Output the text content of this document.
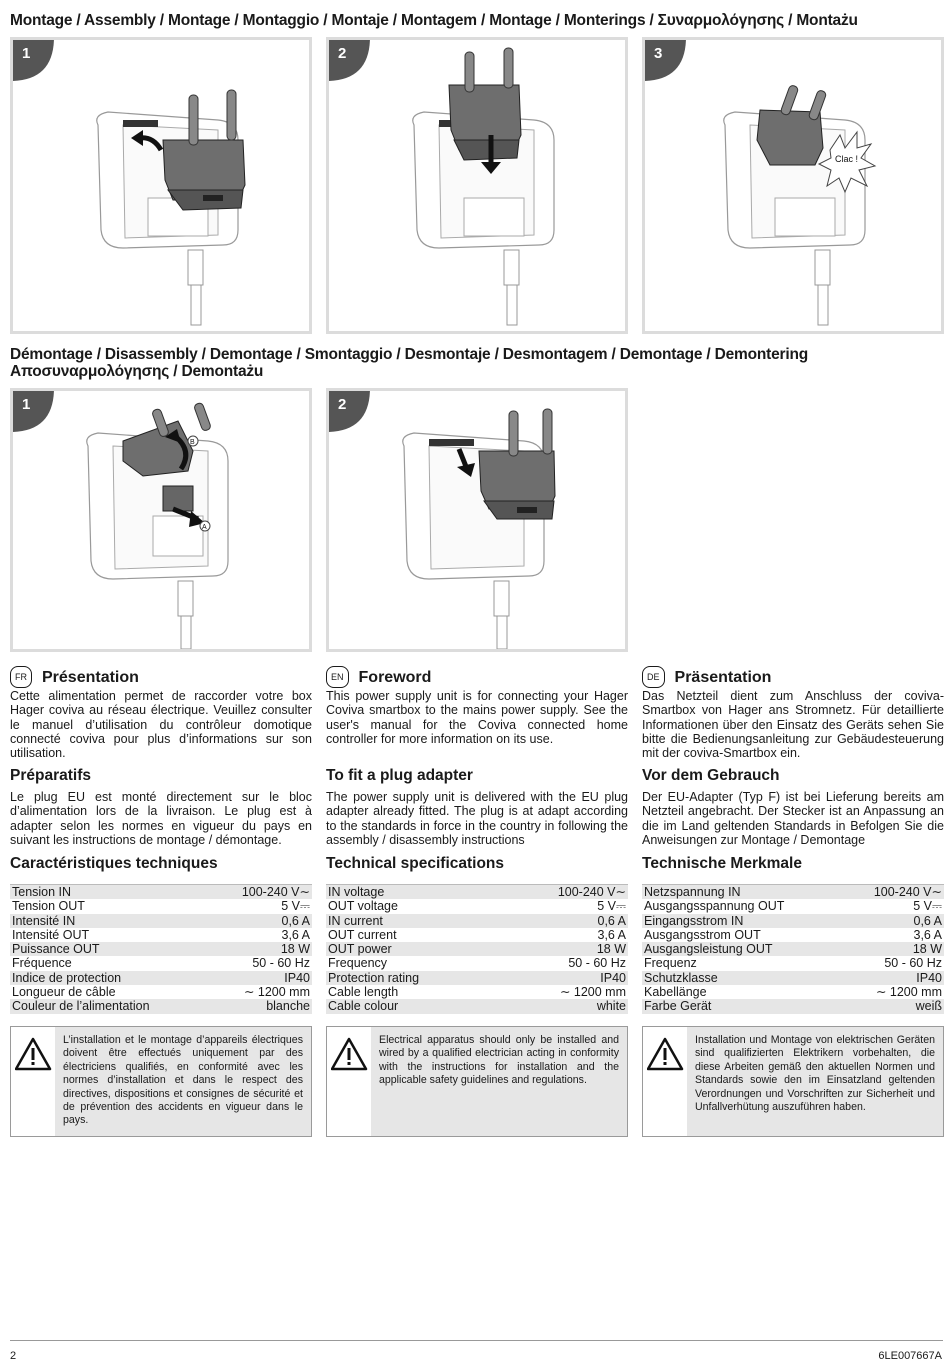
Montage / Assembly / Montage / Montaggio / Montaje / Montagem / Montage / Monterings / Συναρμολόγησης / Montażu
1	2
Clac !
3
Démontage / Disassembly / Demontage / Smontaggio / Desmontaje / Desmontagem / Demontage / Demontering
Αποσυναρμολόγησης / Demontażu
B
A
1	2
FR Présentation
Cette alimentation permet de raccorder votre box Hager coviva au réseau électrique. Veuillez consulter le manuel d’utilisation du contrôleur domotique connecté coviva pour plus d’informations sur son utilisation.
Préparatifs
Le plug EU est monté directement sur le bloc d’alimentation lors de la livraison. Le plug est à adapter selon les normes en vigueur du pays en suivant les instructions de montage / démontage.
Caractéristiques techniques
Tension IN	100-240 V∼
Tension OUT	5 V⎓
Intensité IN	0,6 A
Intensité OUT	3,6 A
Puissance OUT	18 W
Fréquence	50 - 60 Hz
Indice de protection	IP40
Longueur de câble	∼ 1200 mm
Couleur de l’alimentation	blanche
L’installation et le montage d’appareils électriques doivent être effectués uniquement par des électriciens qualifiés, en conformité avec les normes d’installation et dans le respect des directives, dispositions et consignes de sécurité et de prévention des accidents en vigueur dans le pays.
EN Foreword
This power supply unit is for connecting your Hager Coviva smartbox to the mains power supply. See the user's manual for the Coviva connected home controller for more information on its use.
To fit a plug adapter
The power supply unit is delivered with the EU plug adapter already fitted. The plug is at adapt according to the standards in force in the country in following the assembly / disassembly instructions
Technical specifications
IN voltage	100-240 V∼
OUT voltage	5 V⎓
IN current	0,6 A
OUT current	3,6 A
OUT power	18 W
Frequency	50 - 60 Hz
Protection rating	IP40
Cable length	∼ 1200 mm
Cable colour	white
Electrical apparatus should only be installed and wired by a qualified electrician acting in conformity with the instructions for installation and the applicable safety guidelines and regulations.
DE Präsentation
Das Netzteil dient zum Anschluss der coviva-Smartbox von Hager ans Stromnetz. Für detaillierte Informationen über den Einsatz des Geräts sehen Sie bitte die Bedienungsanleitung zur Gebäudesteuerung mit der coviva-Smartbox ein.
Vor dem Gebrauch
Der EU-Adapter (Typ F) ist bei Lieferung bereits am Netzteil angebracht. Der Stecker ist an Anpassung an die im Land geltenden Standards in Befolgen Sie die Anweisungen zur Montage / Demontage
Technische Merkmale
Netzspannung IN	100-240 V∼
Ausgangsspannung OUT	5 V⎓
Eingangsstrom IN	0,6 A
Ausgangsstrom OUT	3,6 A
Ausgangsleistung OUT	18 W
Frequenz	50 - 60 Hz
Schutzklasse	IP40
Kabellänge	∼ 1200 mm
Farbe Gerät	weiß
Installation und Montage von elektrischen Geräten sind qualifizierten Elektrikern vorbehalten, die diese Arbeiten gemäß den aktuellen Normen und Standards sowie den im Einsatzland geltenden Verordnungen und Vorschriften zur Sicherheit und Unfallverhütung auszuführen haben.
2	6LE007667A
